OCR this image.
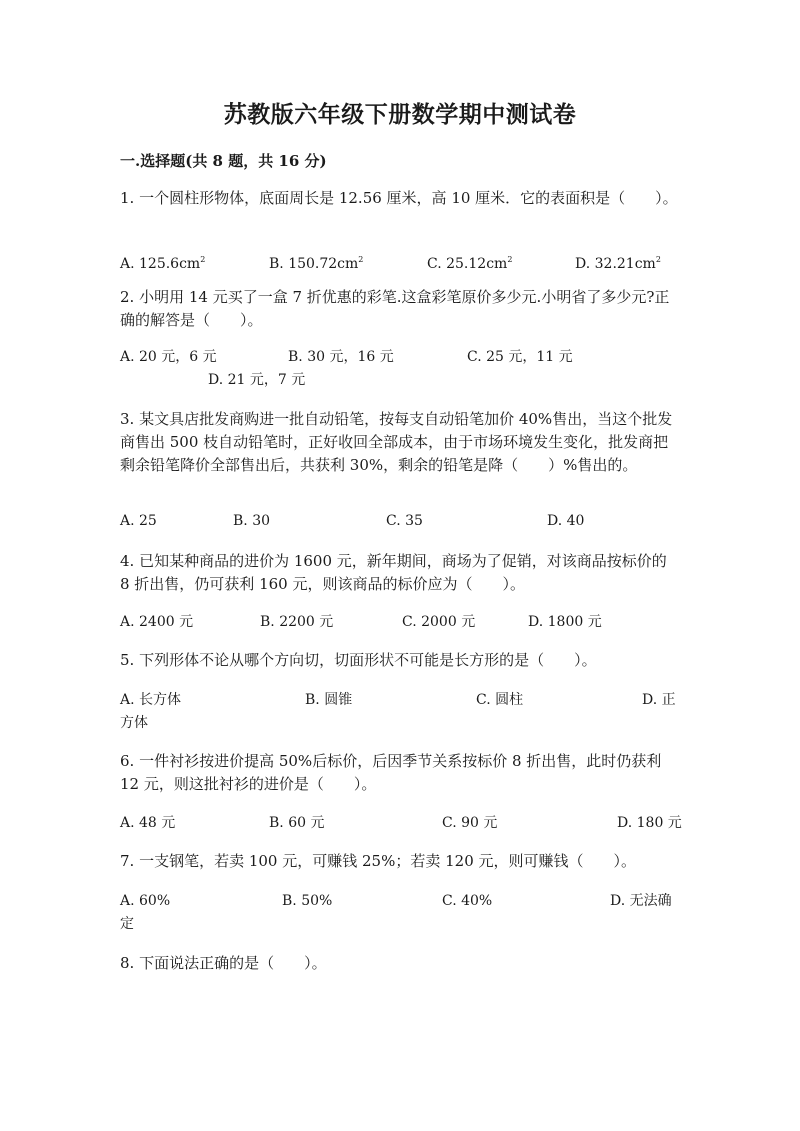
苏教版六年级下册数学期中测试卷
一.选择题(共 8 题，共 16 分)
1. 一个圆柱形物体，底面周长是 12.56 厘米，高 10 厘米．它的表面积是（　　）。
A. $125.6cm^2$	B. $150.72cm^2$	C. $25.12cm^2$	D. $32.21cm^2$
2. 小明用 14 元买了一盒 7 折优惠的彩笔.这盒彩笔原价多少元.小明省了多少元?正确的解答是（　　）。
A. 20 元，6 元	B. 30 元，16 元	C. 25 元，11 元
D. 21 元，7 元
3. 某文具店批发商购进一批自动铅笔，按每支自动铅笔加价 40%售出，当这个批发商售出 500 枝自动铅笔时，正好收回全部成本，由于市场环境发生变化，批发商把剩余铅笔降价全部售出后，共获利 30%，剩余的铅笔是降（　　）%售出的。
A. 25	B. 30	C. 35	D. 40
4. 已知某种商品的进价为 1600 元，新年期间，商场为了促销，对该商品按标价的 8 折出售，仍可获利 160 元，则该商品的标价应为（　　）。
A. 2400 元	B. 2200 元	C. 2000 元	D. 1800 元
5. 下列形体不论从哪个方向切，切面形状不可能是长方形的是（　　）。
A. 长方体	B. 圆锥	C. 圆柱	D. 正
方体
6. 一件衬衫按进价提高 50%后标价，后因季节关系按标价 8 折出售，此时仍获利 12 元，则这批衬衫的进价是（　　）。
A. 48 元	B. 60 元	C. 90 元	D. 180 元
7. 一支钢笔，若卖 100 元，可赚钱 25%；若卖 120 元，则可赚钱（　　）。
A. 60%	B. 50%	C. 40%	D. 无法确
定
8. 下面说法正确的是（　　）。
